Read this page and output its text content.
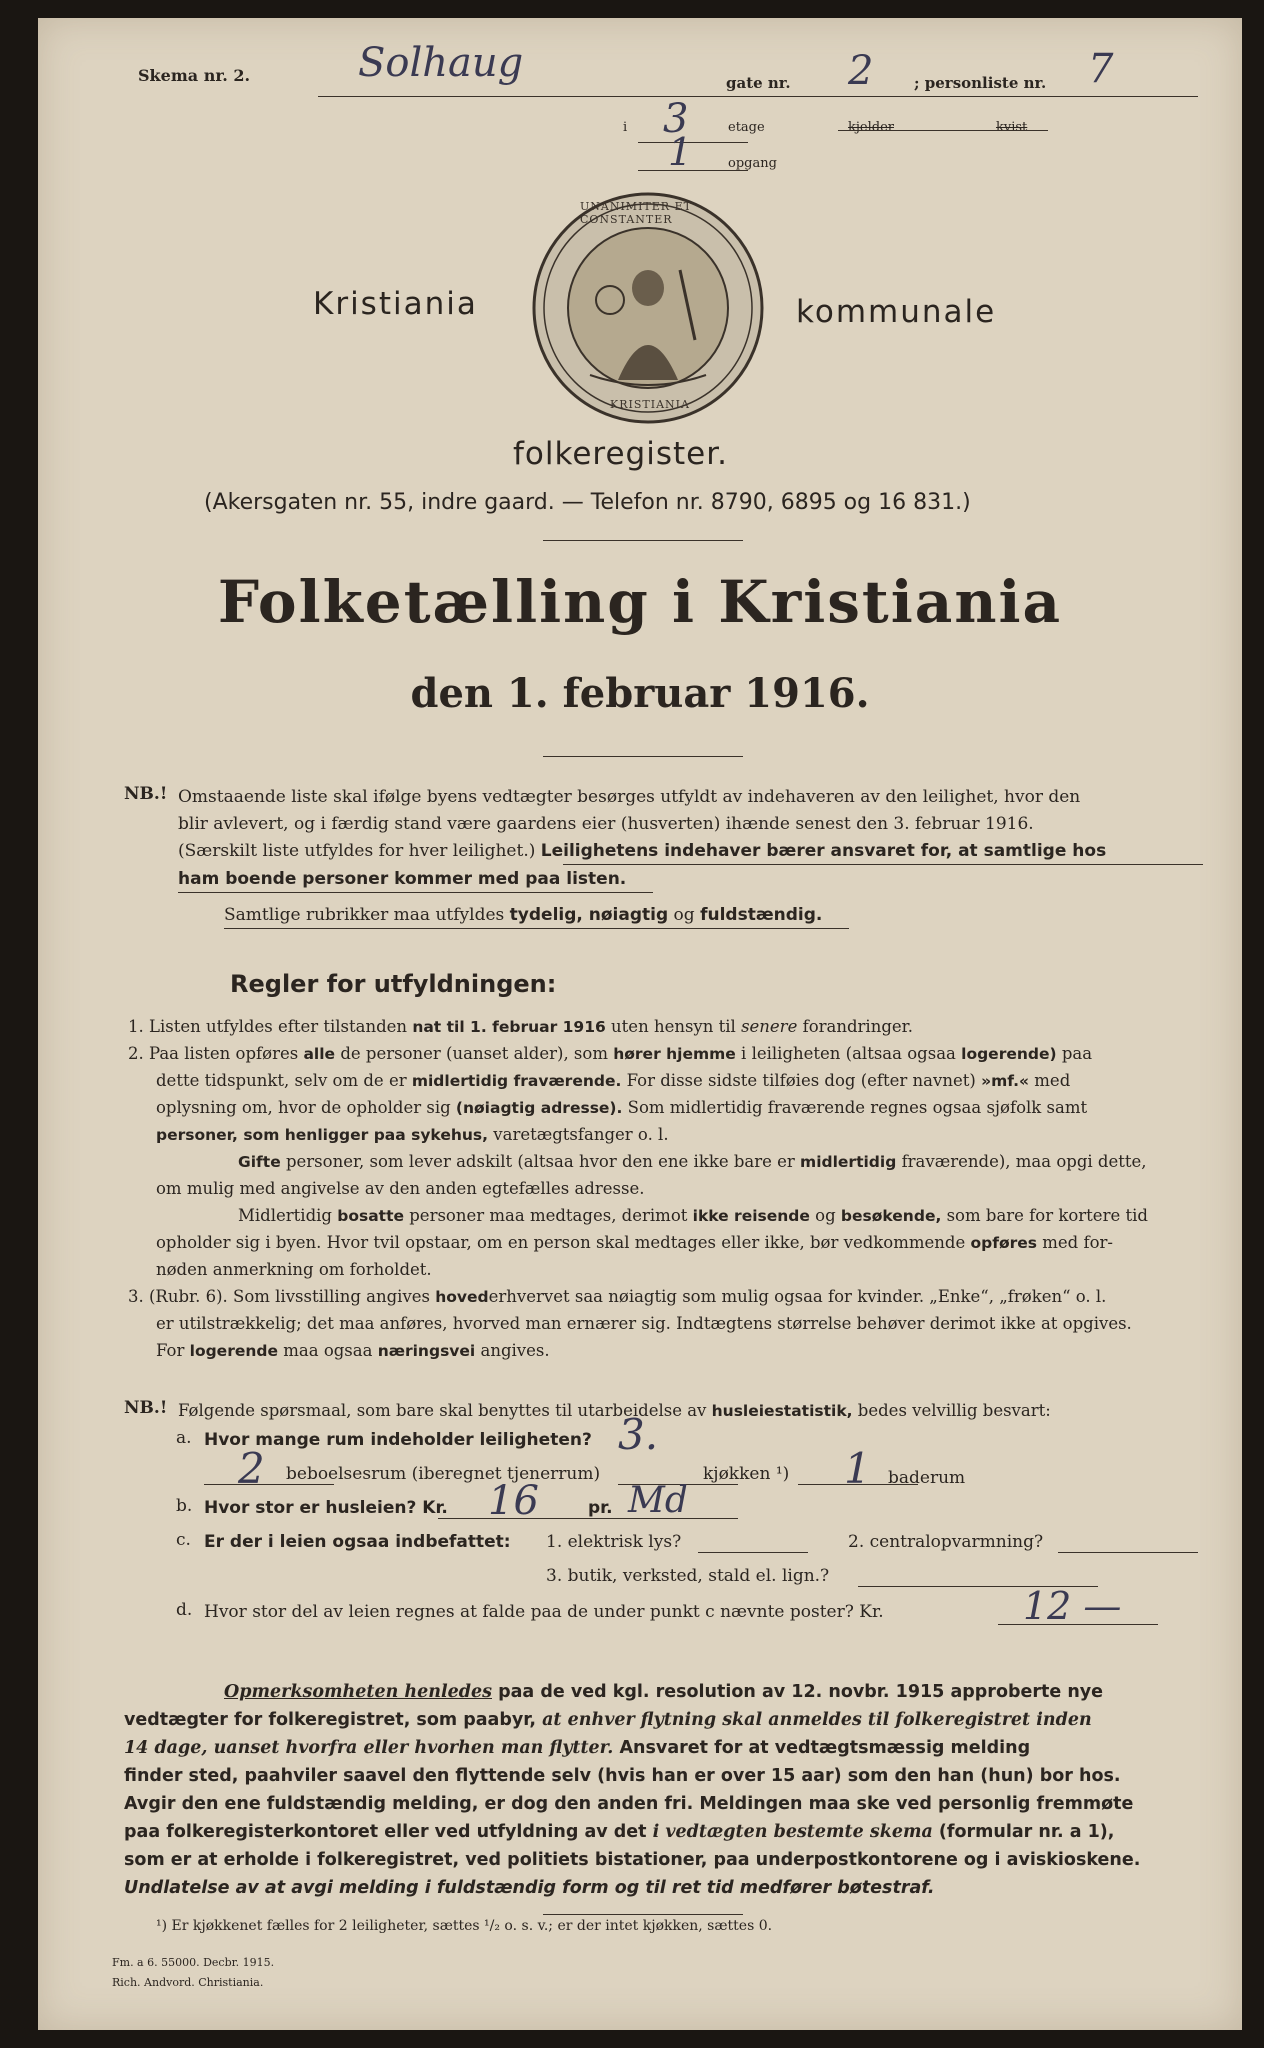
Skema nr. 2.	Solhaug	gate nr. 2	; personliste nr. 7
i 3	etage	kjelder	kvist
1	opgang
Kristiania	kommunale
UNANIMITER ET CONSTANTER
KRISTIANIA
folkeregister.
(Akersgaten nr. 55, indre gaard. — Telefon nr. 8790, 6895 og 16 831.)
Folketælling i Kristiania
den 1. februar 1916.
NB.! Omstaaende liste skal ifølge byens vedtægter besørges utfyldt av indehaveren av den leilighet, hvor den
blir avlevert, og i færdig stand være gaardens eier (husverten) ihænde senest den 3. februar 1916.
(Særskilt liste utfyldes for hver leilighet.) Leilighetens indehaver bærer ansvaret for, at samtlige hos
ham boende personer kommer med paa listen.
Samtlige rubrikker maa utfyldes tydelig, nøiagtig og fuldstændig.
Regler for utfyldningen:
1. Listen utfyldes efter tilstanden nat til 1. februar 1916 uten hensyn til senere forandringer.
2. Paa listen opføres alle de personer (uanset alder), som hører hjemme i leiligheten (altsaa ogsaa logerende) paa
dette tidspunkt, selv om de er midlertidig fraværende. For disse sidste tilføies dog (efter navnet) »mf.« med
oplysning om, hvor de opholder sig (nøiagtig adresse). Som midlertidig fraværende regnes ogsaa sjøfolk samt
personer, som henligger paa sykehus, varetægtsfanger o. l.
Gifte personer, som lever adskilt (altsaa hvor den ene ikke bare er midlertidig fraværende), maa opgi dette,
om mulig med angivelse av den anden egtefælles adresse.
Midlertidig bosatte personer maa medtages, derimot ikke reisende og besøkende, som bare for kortere tid
opholder sig i byen. Hvor tvil opstaar, om en person skal medtages eller ikke, bør vedkommende opføres med for-
nøden anmerkning om forholdet.
3. (Rubr. 6). Som livsstilling angives hovederhvervet saa nøiagtig som mulig ogsaa for kvinder. „Enke“, „frøken“ o. l.
er utilstrækkelig; det maa anføres, hvorved man ernærer sig. Indtægtens størrelse behøver derimot ikke at opgives.
For logerende maa ogsaa næringsvei angives.
NB.! Følgende spørsmaal, som bare skal benyttes til utarbeidelse av husleiestatistik, bedes velvillig besvart:
a. Hvor mange rum indeholder leiligheten? 3.
2 beboelsesrum (iberegnet tjenerrum)	kjøkken ¹) 1 baderum
b. Hvor stor er husleien? Kr. 16	pr. Md
c. Er der i leien ogsaa indbefattet: 1. elektrisk lys?	2. centralopvarmning?
3. butik, verksted, stald el. lign.?
d. Hvor stor del av leien regnes at falde paa de under punkt c nævnte poster? Kr.	12 —
Opmerksomheten henledes paa de ved kgl. resolution av 12. novbr. 1915 approberte nye
vedtægter for folkeregistret, som paabyr, at enhver flytning skal anmeldes til folkeregistret inden
14 dage, uanset hvorfra eller hvorhen man flytter. Ansvaret for at vedtægtsmæssig melding
finder sted, paahviler saavel den flyttende selv (hvis han er over 15 aar) som den han (hun) bor hos.
Avgir den ene fuldstændig melding, er dog den anden fri. Meldingen maa ske ved personlig fremmøte
paa folkeregisterkontoret eller ved utfyldning av det i vedtægten bestemte skema (formular nr. a 1),
som er at erholde i folkeregistret, ved politiets bistationer, paa underpostkontorene og i aviskioskene.
Undlatelse av at avgi melding i fuldstændig form og til ret tid medfører bøtestraf.
¹) Er kjøkkenet fælles for 2 leiligheter, sættes ¹/₂ o. s. v.; er der intet kjøkken, sættes 0.
Fm. a 6. 55000. Decbr. 1915.
Rich. Andvord. Christiania.
